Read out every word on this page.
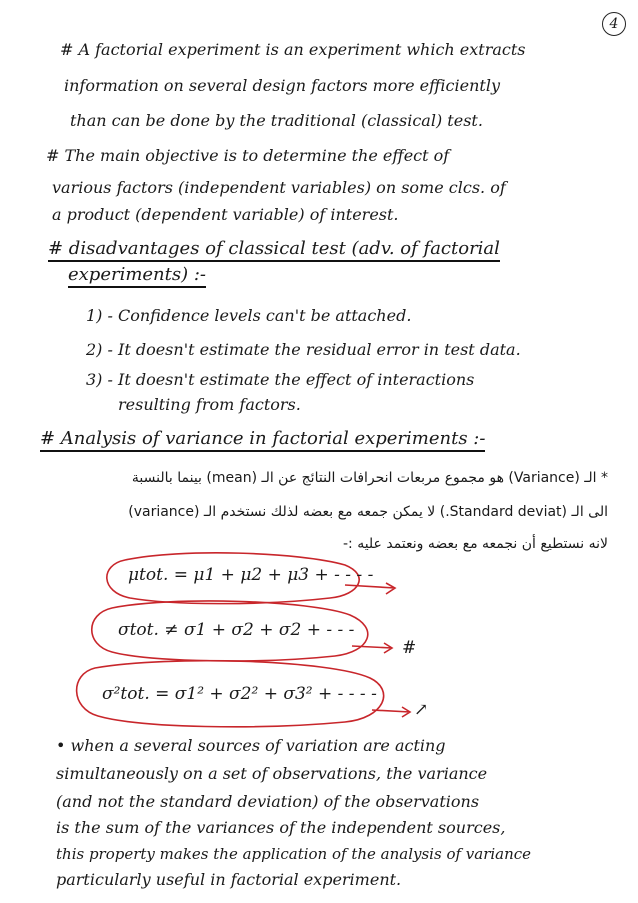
4
# A factorial experiment is an experiment which extracts
information on several design factors more efficiently
than can be done by the traditional (classical) test.
# The main objective is to determine the effect of
various factors (independent variables) on some clcs. of
a product (dependent variable) of interest.
# disadvantages of classical test (adv. of factorial
experiments) :-
1) - Confidence levels can't be attached.
2) - It doesn't estimate the residual error in test data.
3) - It doesn't estimate the effect of interactions
resulting from factors.
# Analysis of variance in factorial experiments :-
* الـ (Variance) هو مجموع مربعات انحرافات النتائج عن الـ (mean) بينما بالنسبة
الى الـ (Standard deviat.) لا يمكن جمعه مع بعضه لذلك نستخدم الـ (variance)
لانه نستطيع أن نجمعه مع بعضه ونعتمد عليه :-
μtot. = μ1 + μ2 + μ3 + - - - -
σtot. ≠ σ1 + σ2 + σ2 + - - -
#
σ²tot. = σ1² + σ2² + σ3² + - - - -
↗
• when a several sources of variation are acting
simultaneously on a set of observations, the variance
(and not the standard deviation) of the observations
is the sum of the variances of the independent sources,
this property makes the application of the analysis of variance
particularly useful in factorial experiment.
